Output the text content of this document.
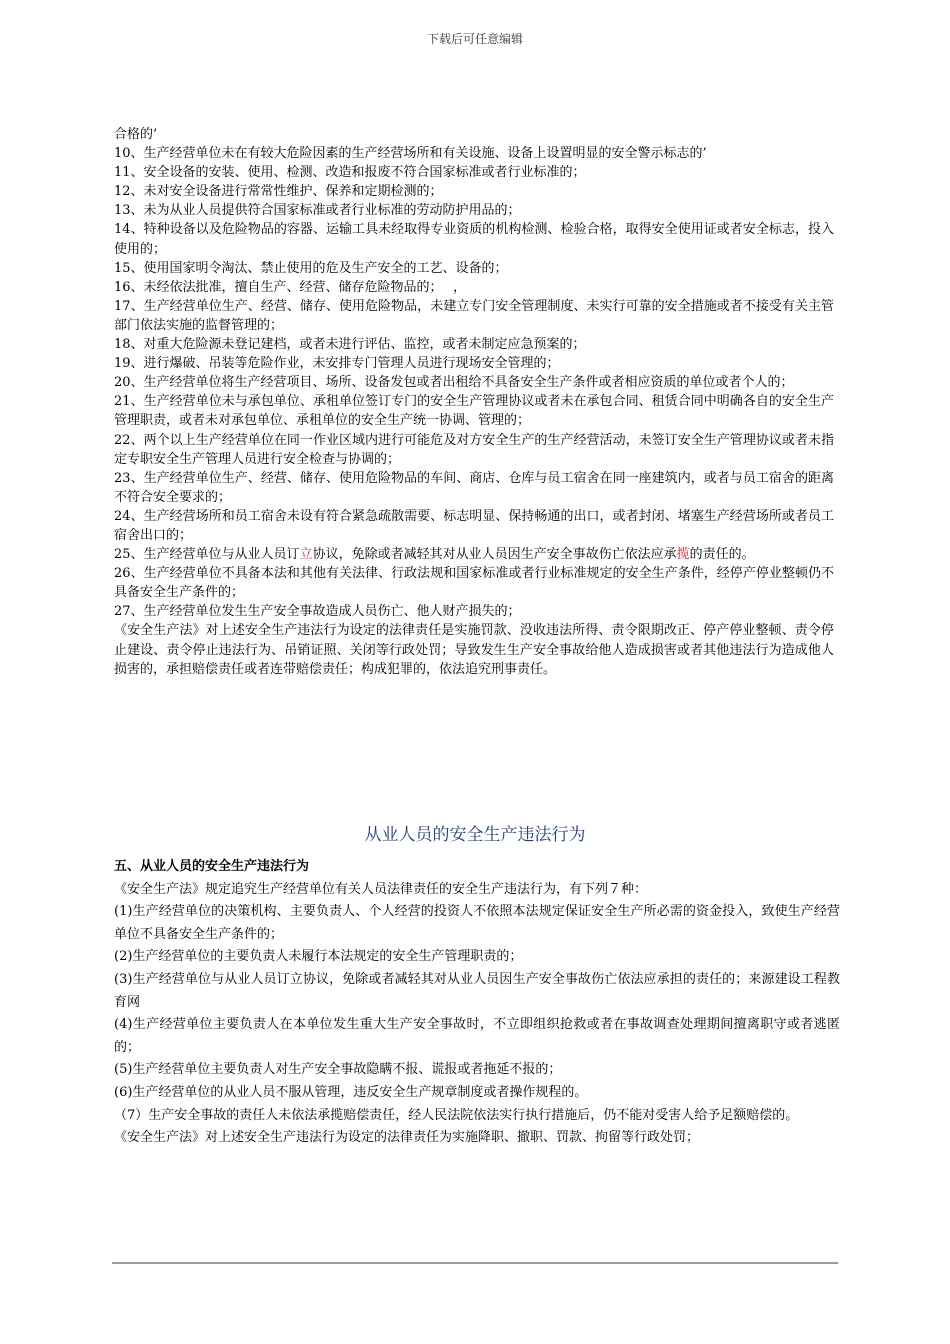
下载后可任意编辑

合格的’

10、生产经营单位未在有较大危险因素的生产经营场所和有关设施、设备上设置明显的安全警示标志的’

11、安全设备的安装、使用、检测、改造和报废不符合国家标准或者行业标准的；

12、未对安全设备进行常常性维护、保养和定期检测的；

13、未为从业人员提供符合国家标准或者行业标准的劳动防护用品的；

14、特种设备以及危险物品的容器、运输工具未经取得专业资质的机构检测、检验合格，取得安全使用证或者安全标志，投入使用的；

15、使用国家明令淘汰、禁止使用的危及生产安全的工艺、设备的；

16、未经依法批准，擅自生产、经营、储存危险物品的；　 ，

17、生产经营单位生产、经营、储存、使用危险物品，未建立专门安全管理制度、未实行可靠的安全措施或者不接受有关主管部门依法实施的监督管理的；

18、对重大危险源未登记建档，或者未进行评估、监控，或者未制定应急预案的；

19、进行爆破、吊装等危险作业，未安排专门管理人员进行现场安全管理的；

20、生产经营单位将生产经营项目、场所、设备发包或者出租给不具备安全生产条件或者相应资质的单位或者个人的；

21、生产经营单位未与承包单位、承租单位签订专门的安全生产管理协议或者未在承包合同、租赁合同中明确各自的安全生产管理职责，或者未对承包单位、承租单位的安全生产统一协调、管理的；

22、两个以上生产经营单位在同一作业区域内进行可能危及对方安全生产的生产经营活动，未签订安全生产管理协议或者未指定专职安全生产管理人员进行安全检查与协调的；

23、生产经营单位生产、经营、储存、使用危险物品的车间、商店、仓库与员工宿舍在同一座建筑内，或者与员工宿舍的距离不符合安全要求的；

24、生产经营场所和员工宿舍未设有符合紧急疏散需要、标志明显、保持畅通的出口，或者封闭、堵塞生产经营场所或者员工宿舍出口的；

25、生产经营单位与从业人员订立协议，免除或者减轻其对从业人员因生产安全事故伤亡依法应承揽的责任的。

26、生产经营单位不具备本法和其他有关法律、行政法规和国家标准或者行业标准规定的安全生产条件，经停产停业整顿仍不具备安全生产条件的；

27、生产经营单位发生生产安全事故造成人员伤亡、他人财产损失的；

《安全生产法》对上述安全生产违法行为设定的法律责任是实施罚款、没收违法所得、责令限期改正、停产停业整顿、责令停止建设、责令停止违法行为、吊销证照、关闭等行政处罚；导致发生生产安全事故给他人造成损害或者其他违法行为造成他人损害的，承担赔偿责任或者连带赔偿责任；构成犯罪的，依法追究刑事责任。

从业人员的安全生产违法行为

五、从业人员的安全生产违法行为

《安全生产法》规定追究生产经营单位有关人员法律责任的安全生产违法行为，有下列７种：

(1)生产经营单位的决策机构、主要负责人、个人经营的投资人不依照本法规定保证安全生产所必需的资金投入，致使生产经营单位不具备安全生产条件的；

(2)生产经营单位的主要负责人未履行本法规定的安全生产管理职责的；

(3)生产经营单位与从业人员订立协议，免除或者减轻其对从业人员因生产安全事故伤亡依法应承担的责任的；来源建设工程教育网

(4)生产经营单位主要负责人在本单位发生重大生产安全事故时，不立即组织抢救或者在事故调查处理期间擅离职守或者逃匿的；

(5)生产经营单位主要负责人对生产安全事故隐瞒不报、谎报或者拖延不报的；

(6)生产经营单位的从业人员不服从管理，违反安全生产规章制度或者操作规程的。

（7）生产安全事故的责任人未依法承揽赔偿责任，经人民法院依法实行执行措施后，仍不能对受害人给予足额赔偿的。

《安全生产法》对上述安全生产违法行为设定的法律责任为实施降职、撤职、罚款、拘留等行政处罚；
